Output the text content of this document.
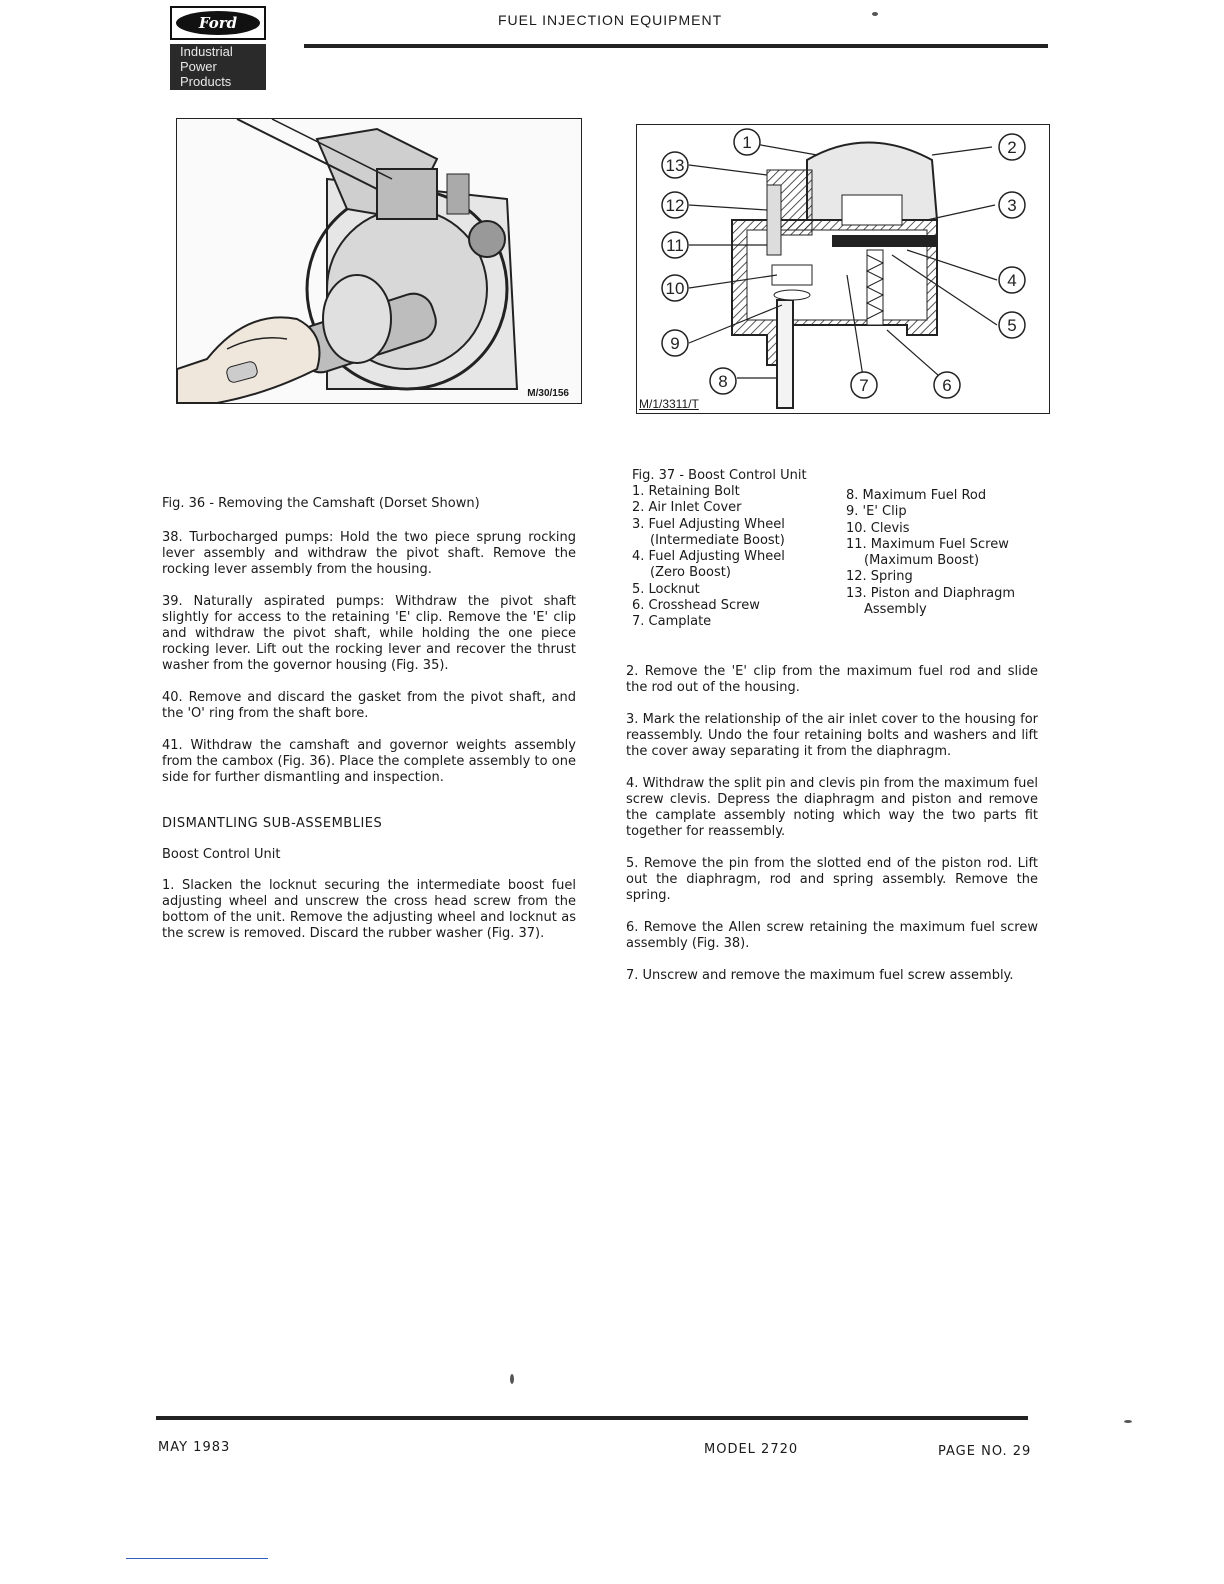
Ford
Industrial
Power
Products
FUEL INJECTION EQUIPMENT
M/30/156
1	2
3
4
5
6
7
8
9
10
11
12
13
M/1/3311/T
Fig. 37 - Boost Control Unit
1. Retaining Bolt
2. Air Inlet Cover
3. Fuel Adjusting Wheel
(Intermediate Boost)
4. Fuel Adjusting Wheel
(Zero Boost)
5. Locknut
6. Crosshead Screw
7. Camplate
8. Maximum Fuel Rod
9. 'E' Clip
10. Clevis
11. Maximum Fuel Screw
(Maximum Boost)
12. Spring
13. Piston and Diaphragm
Assembly

Fig. 36 - Removing the Camshaft (Dorset Shown)

38. Turbocharged pumps: Hold the two piece sprung rocking lever assembly and withdraw the pivot shaft. Remove the rocking lever assembly from the housing.

39. Naturally aspirated pumps: Withdraw the pivot shaft slightly for access to the retaining 'E' clip. Remove the 'E' clip and withdraw the pivot shaft, while holding the one piece rocking lever. Lift out the rocking lever and recover the thrust washer from the governor housing (Fig. 35).

40. Remove and discard the gasket from the pivot shaft, and the 'O' ring from the shaft bore.

41. Withdraw the camshaft and governor weights assembly from the cambox (Fig. 36). Place the complete assembly to one side for further dismantling and inspection.

DISMANTLING SUB-ASSEMBLIES
Boost Control Unit

1. Slacken the locknut securing the intermediate boost fuel adjusting wheel and unscrew the cross head screw from the bottom of the unit. Remove the adjusting wheel and locknut as the screw is removed. Discard the rubber washer (Fig. 37).

2. Remove the 'E' clip from the maximum fuel rod and slide the rod out of the housing.

3. Mark the relationship of the air inlet cover to the housing for reassembly. Undo the four retaining bolts and washers and lift the cover away separating it from the diaphragm.

4. Withdraw the split pin and clevis pin from the maximum fuel screw clevis. Depress the diaphragm and piston and remove the camplate assembly noting which way the two parts fit together for reassembly.

5. Remove the pin from the slotted end of the piston rod. Lift out the diaphragm, rod and spring assembly. Remove the spring.

6. Remove the Allen screw retaining the maximum fuel screw assembly (Fig. 38).

7. Unscrew and remove the maximum fuel screw assembly.

MAY 1983	MODEL 2720	PAGE NO. 29
